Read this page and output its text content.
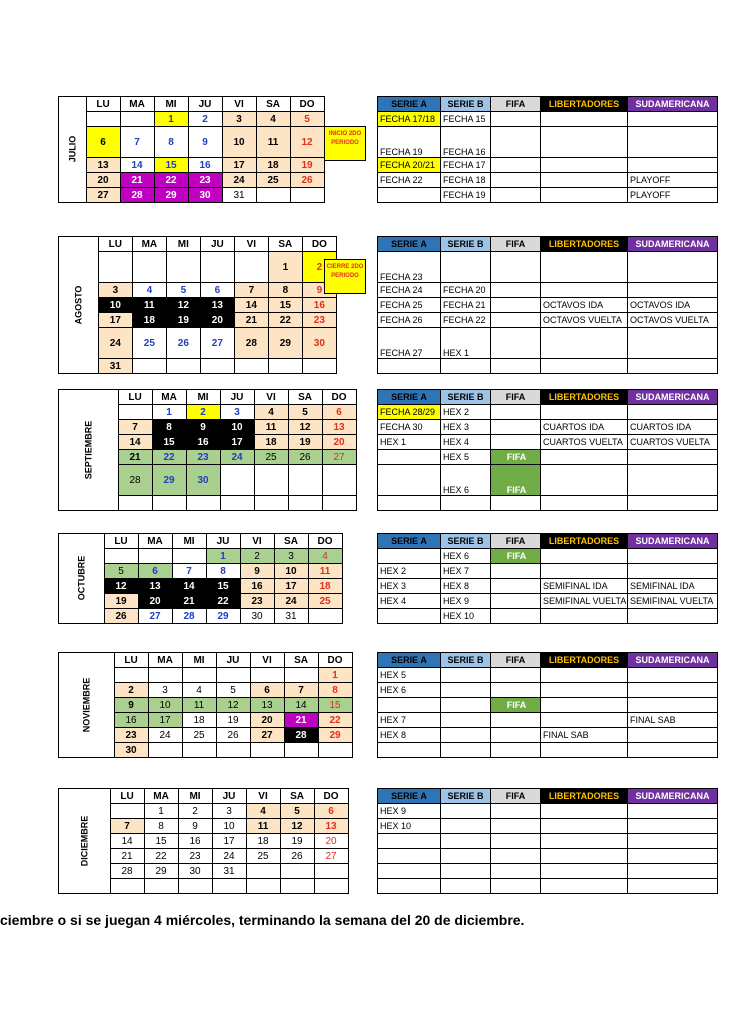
JULIO	LU	MA	MI	JU	VI	SA	DO
			1	2	3	4	5
	6	7	8	9	10	11	12
	13	14	15	16	17	18	19
	20	21	22	23	24	25	26
	27	28	29	30	31		
INICIO 2DO PERIODO
SERIE A	SERIE B	FIFA	LIBERTADORES	SUDAMERICANA
FECHA 17/18	FECHA 15			
FECHA 19	FECHA 16			
FECHA 20/21	FECHA 17			
FECHA 22	FECHA 18			PLAYOFF
	FECHA 19			PLAYOFF
AGOSTO	LU	MA	MI	JU	VI	SA	DO
						1	2
	3	4	5	6	7	8	9
	10	11	12	13	14	15	16
	17	18	19	20	21	22	23
	24	25	26	27	28	29	30
	31						
CIERRE 2DO PERIODO
SERIE A	SERIE B	FIFA	LIBERTADORES	SUDAMERICANA
FECHA 23				
FECHA 24	FECHA 20			
FECHA 25	FECHA 21		OCTAVOS IDA	OCTAVOS IDA
FECHA 26	FECHA 22		OCTAVOS VUELTA	OCTAVOS VUELTA
FECHA 27	HEX 1			

SEPTIEMBRE	LU	MA	MI	JU	VI	SA	DO
		1	2	3	4	5	6
	7	8	9	10	11	12	13
	14	15	16	17	18	19	20
	21	22	23	24	25	26	27
	28	29	30				

SERIE A	SERIE B	FIFA	LIBERTADORES	SUDAMERICANA
FECHA 28/29	HEX 2			
FECHA 30	HEX 3		CUARTOS IDA	CUARTOS IDA
HEX 1	HEX 4		CUARTOS VUELTA	CUARTOS VUELTA
	HEX 5	FIFA		
	HEX 6	FIFA		

OCTUBRE	LU	MA	MI	JU	VI	SA	DO
				1	2	3	4
	5	6	7	8	9	10	11
	12	13	14	15	16	17	18
	19	20	21	22	23	24	25
	26	27	28	29	30	31	
SERIE A	SERIE B	FIFA	LIBERTADORES	SUDAMERICANA
	HEX 6	FIFA		
HEX 2	HEX 7			
HEX 3	HEX 8		SEMIFINAL IDA	SEMIFINAL IDA
HEX 4	HEX 9		SEMIFINAL VUELTA	SEMIFINAL VUELTA
	HEX 10			
NOVIEMBRE	LU	MA	MI	JU	VI	SA	DO
							1
	2	3	4	5	6	7	8
	9	10	11	12	13	14	15
	16	17	18	19	20	21	22
	23	24	25	26	27	28	29
	30						
SERIE A	SERIE B	FIFA	LIBERTADORES	SUDAMERICANA
HEX 5				
HEX 6				
		FIFA		
HEX 7				FINAL SAB
HEX 8			FINAL SAB	

DICIEMBRE	LU	MA	MI	JU	VI	SA	DO
		1	2	3	4	5	6
	7	8	9	10	11	12	13
	14	15	16	17	18	19	20
	21	22	23	24	25	26	27
	28	29	30	31			

SERIE A	SERIE B	FIFA	LIBERTADORES	SUDAMERICANA
HEX 9				
HEX 10				

ciembre o si se juegan 4 miércoles, terminando la semana del 20 de diciembre.
